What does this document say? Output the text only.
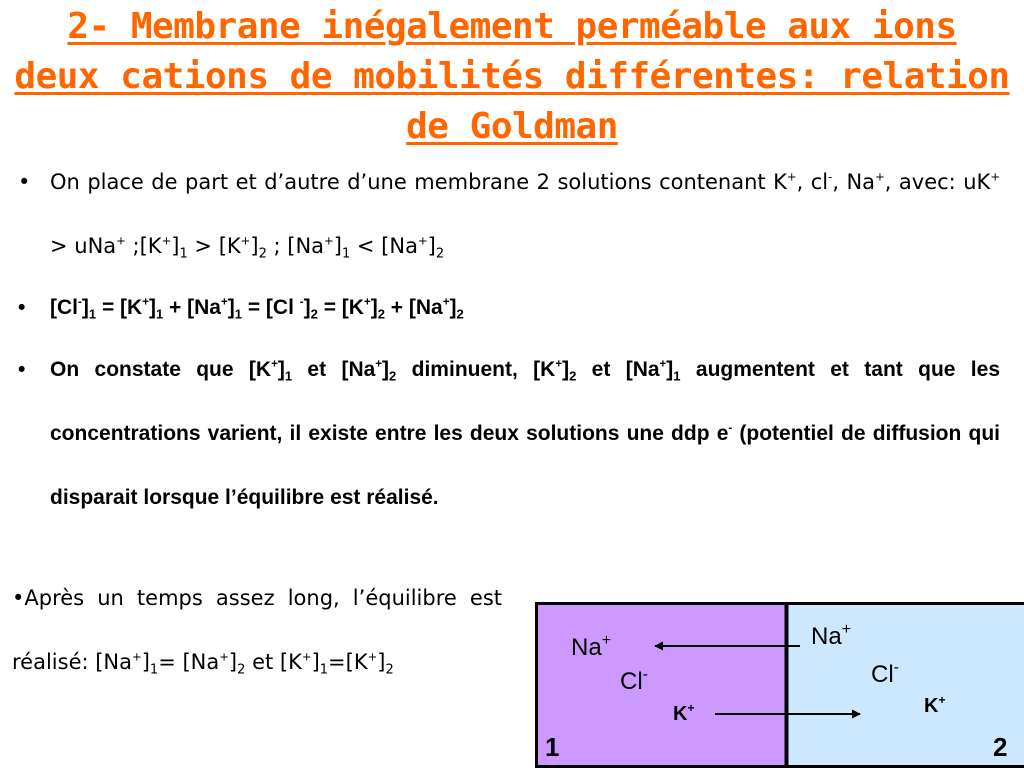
2- Membrane inégalement perméable aux ions
deux cations de mobilités différentes: relation
de Goldman
• On place de part et d’autre d’une membrane 2 solutions contenant K+, cl-, Na+, avec: uK+ > uNa+ $;[K^+]_1 > [K^+]_2$ ; $[Na^+]_1 < [Na^+]_2$
• $[Cl^-]_1 = [K^+]_1 + [Na^+]_1 = [Cl$ $^-]_2 = [K^+]_2 + [Na^+]_2$
• On constate que $[K^+]_1$ et $[Na^+]_2$ diminuent, $[K^+]_2$ et $[Na^+]_1$ augmentent et tant que les concentrations varient, il existe entre les deux solutions une ddp e- (potentiel de diffusion qui disparait lorsque l’équilibre est réalisé.

•Après un temps assez long, l’équilibre est réalisé: $[Na^+]_1= [Na^+]_2$ et $[K^+]_1=[K^+]_2$

Na+
Cl-
K+
1
Na+
Cl-
K+
2
